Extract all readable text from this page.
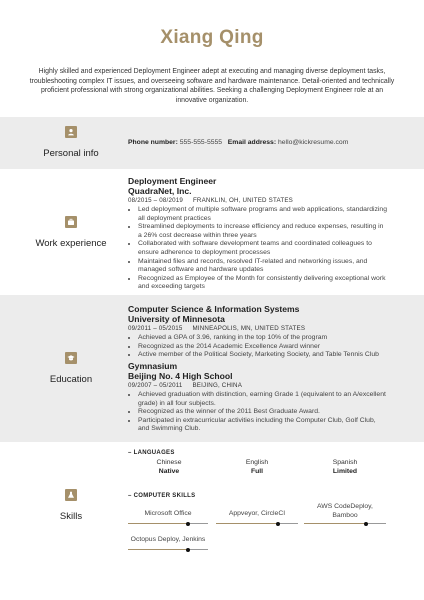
Xiang Qing
Highly skilled and experienced Deployment Engineer adept at executing and managing diverse deployment tasks, troubleshooting complex IT issues, and overseeing software and hardware maintenance. Detail-oriented and technically proficient professional with strong organizational abilities. Seeking a challenging Deployment Engineer role at an innovative organization.
Personal info
Phone number: 555-555-5555 Email address: hello@kickresume.com
Work experience
Deployment Engineer
QuadraNet, Inc.
08/2015 – 08/2019 FRANKLIN, OH, UNITED STATES
• Led deployment of multiple software programs and web applications, standardizing all deployment practices
• Streamlined deployments to increase efficiency and reduce expenses, resulting in a 26% cost decrease within three years
• Collaborated with software development teams and coordinated colleagues to ensure adherence to deployment processes
• Maintained files and records, resolved IT-related and networking issues, and managed software and hardware updates
• Recognized as Employee of the Month for consistently delivering exceptional work and exceeding targets
Education
Computer Science & Information Systems
University of Minnesota
09/2011 – 05/2015 MINNEAPOLIS, MN, UNITED STATES
• Achieved a GPA of 3.96, ranking in the top 10% of the program
• Recognized as the 2014 Academic Excellence Award winner
• Active member of the Political Society, Marketing Society, and Table Tennis Club
Gymnasium
Beijing No. 4 High School
09/2007 – 05/2011 BEIJING, CHINA
• Achieved graduation with distinction, earning Grade 1 (equivalent to an A/excellent grade) in all four subjects.
• Recognized as the winner of the 2011 Best Graduate Award.
• Participated in extracurricular activities including the Computer Club, Golf Club, and Swimming Club.
Skills
– LANGUAGES
Chinese
Native
English
Full
Spanish
Limited
– COMPUTER SKILLS
Microsoft Office	Appveyor, CircleCI
AWS CodeDeploy, Bamboo
Octopus Deploy, Jenkins
